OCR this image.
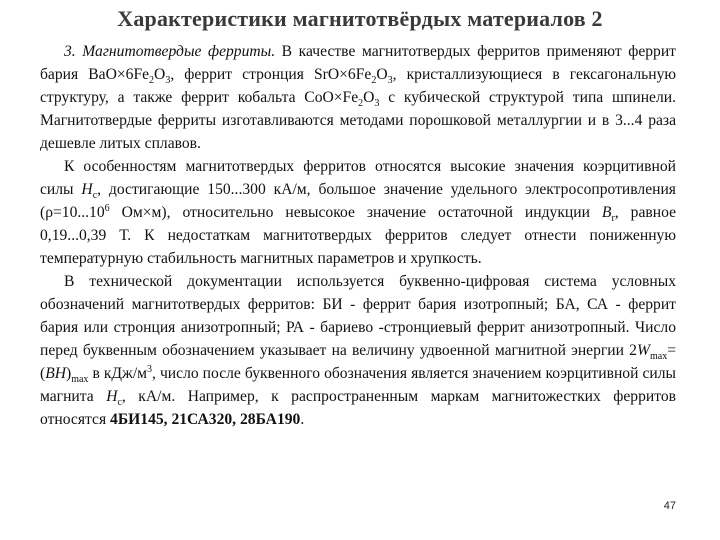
Характеристики магнитотвёрдых материалов 2

3. Магнитотвердые ферриты. В качестве магнитотвердых ферритов применяют феррит бария $BaO\times 6Fe_2O_3$, феррит стронция $SrO\times 6Fe_2O_3$, кристаллизующиеся в гексагональную структуру, а также феррит кобальта $CoO\times Fe_2O_3$ с кубической структурой типа шпинели. Магнитотвердые ферриты изготавливаются методами порошковой металлургии и в 3...4 раза дешевле литых сплавов.

К особенностям магнитотвердых ферритов относятся высокие значения коэрцитивной силы $H_c$, достигающие 150...300 кА/м, большое значение удельного электросопротивления ($\rho=10...10^6$ Ом×м), относительно невысокое значение остаточной индукции $B_r$, равное 0,19...0,39 Т. К недостаткам магнитотвердых ферритов следует отнести пониженную температурную стабильность магнитных параметров и хрупкость.

В технической документации используется буквенно-цифровая система условных обозначений магнитотвердых ферритов: БИ - феррит бария изотропный; БА, СА - феррит бария или стронция анизотропный; РА - бариево -стронциевый феррит анизотропный. Число перед буквенным обозначением указывает на величину удвоенной магнитной энергии $2W_{max}=(BH)_{max}$ в кДж/$м^3$, число после буквенного обозначения является значением коэрцитивной силы магнита $H_c$, кА/м. Например, к распространенным маркам магнитожестких ферритов относятся 4БИ145, 21СА320, 28БА190.

47
